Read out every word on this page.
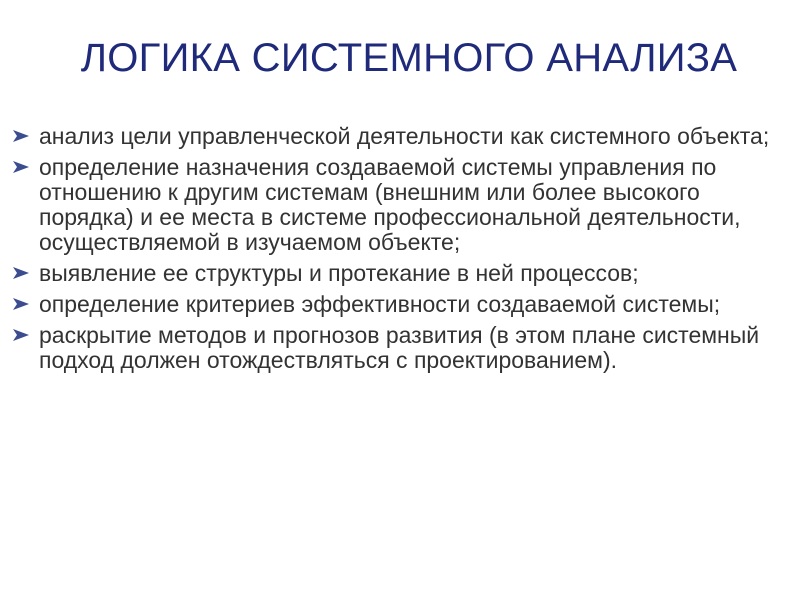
ЛОГИКА СИСТЕМНОГО АНАЛИЗА
анализ цели управленческой деятельности как системного объекта;
определение назначения создаваемой системы управления по отношению к другим системам (внешним или более высокого порядка) и ее места в системе профессиональной деятельности, осуществляемой в изучаемом объекте;
выявление ее структуры и протекание в ней процессов;
определение критериев эффективности создаваемой системы;
раскрытие методов и прогнозов развития (в этом плане системный подход должен отождествляться с проектированием).
